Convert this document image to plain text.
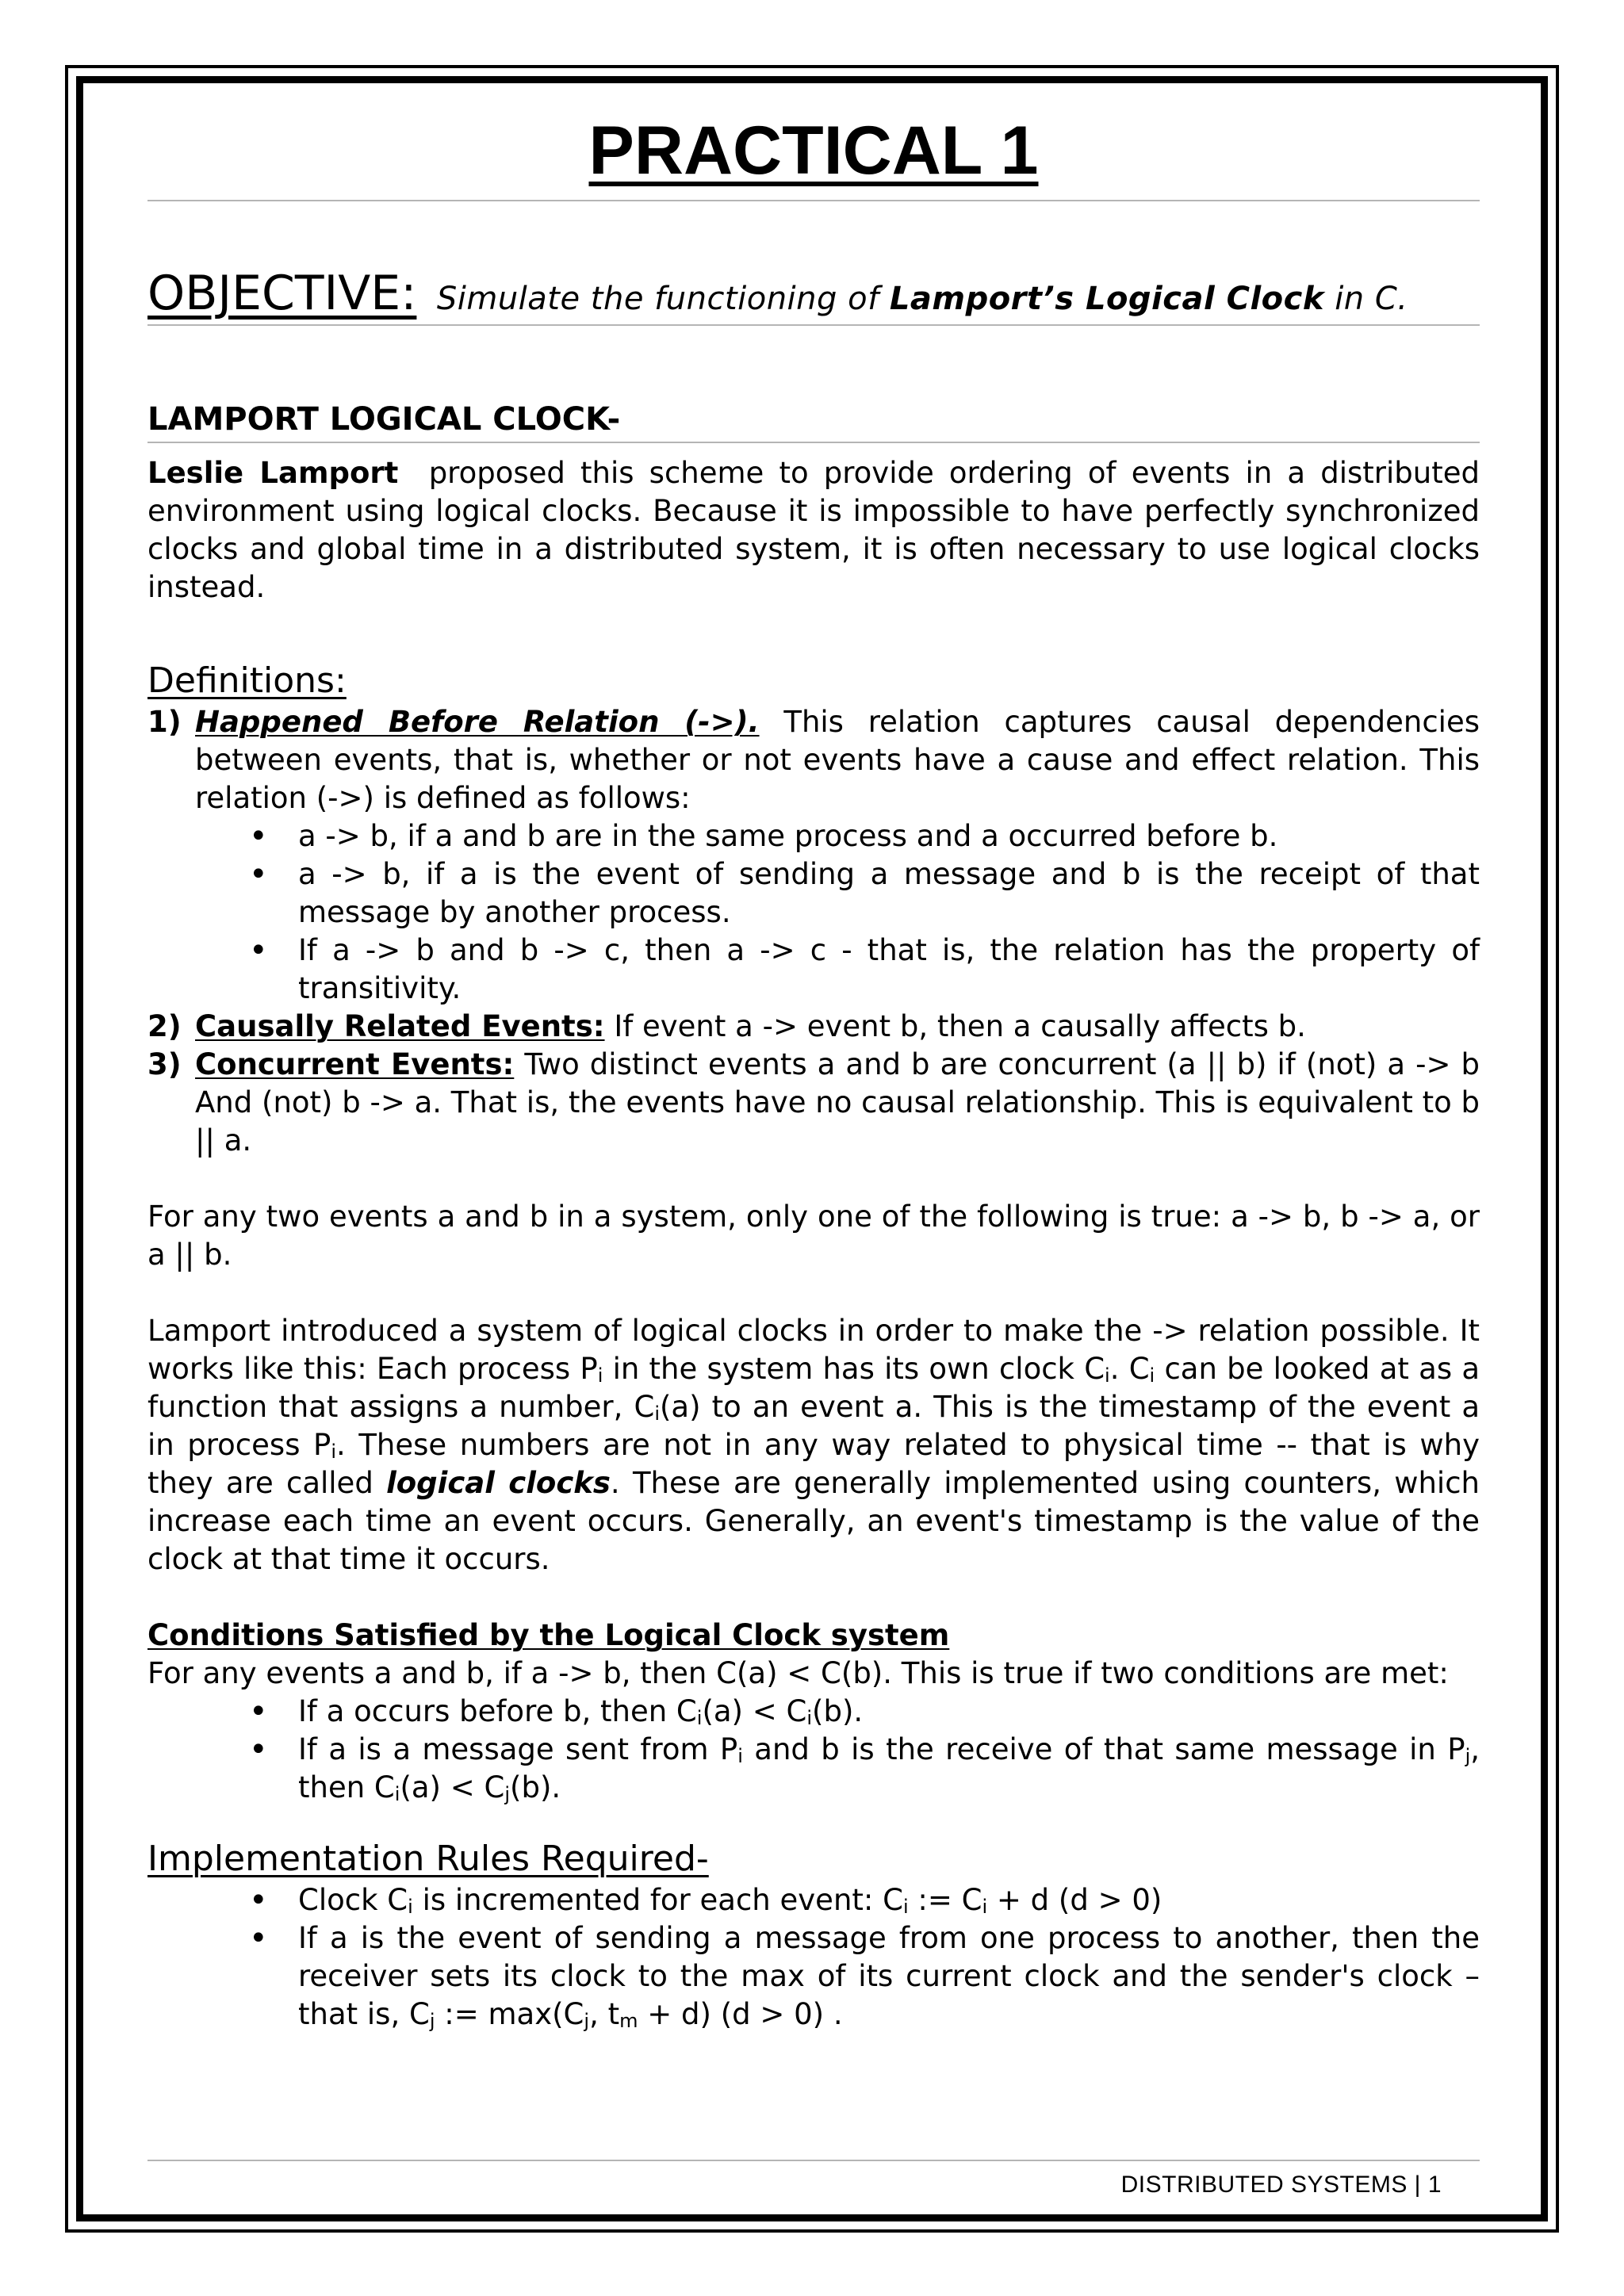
PRACTICAL 1
OBJECTIVE: Simulate the functioning of Lamport’s Logical Clock in C.
LAMPORT LOGICAL CLOCK-
Leslie Lamport proposed this scheme to provide ordering of events in a distributed environment using logical clocks. Because it is impossible to have perfectly synchronized clocks and global time in a distributed system, it is often necessary to use logical clocks instead.
Definitions:
1) Happened Before Relation (->). This relation captures causal dependencies between events, that is, whether or not events have a cause and effect relation. This relation (->) is defined as follows:
• a -> b, if a and b are in the same process and a occurred before b.
• a -> b, if a is the event of sending a message and b is the receipt of that message by another process.
• If a -> b and b -> c, then a -> c - that is, the relation has the property of transitivity.
2) Causally Related Events: If event a -> event b, then a causally affects b.
3) Concurrent Events: Two distinct events a and b are concurrent (a || b) if (not) a -> b And (not) b -> a. That is, the events have no causal relationship. This is equivalent to b || a.
For any two events a and b in a system, only one of the following is true: a -> b, b -> a, or a || b.
Lamport introduced a system of logical clocks in order to make the -> relation possible. It works like this: Each process $P_i$ in the system has its own clock $C_i$. $C_i$ can be looked at as a function that assigns a number, $C_i(a)$ to an event a. This is the timestamp of the event a in process $P_i$. These numbers are not in any way related to physical time -- that is why they are called logical clocks. These are generally implemented using counters, which increase each time an event occurs. Generally, an event's timestamp is the value of the clock at that time it occurs.
Conditions Satisfied by the Logical Clock system
For any events a and b, if a -> b, then C(a) < C(b). This is true if two conditions are met:
• If a occurs before b, then $C_i(a) < C_i(b)$.
• If a is a message sent from $P_i$ and b is the receive of that same message in $P_j$, then $C_i(a) < C_j(b)$.
Implementation Rules Required-
• Clock $C_i$ is incremented for each event: $C_i$ := $C_i + d$ (d > 0)
• If a is the event of sending a message from one process to another, then the receiver sets its clock to the max of its current clock and the sender's clock – that is, $C_j$ := $\max(C_j$, $t_m + d$) (d > 0) .
DISTRIBUTED SYSTEMS | 1
